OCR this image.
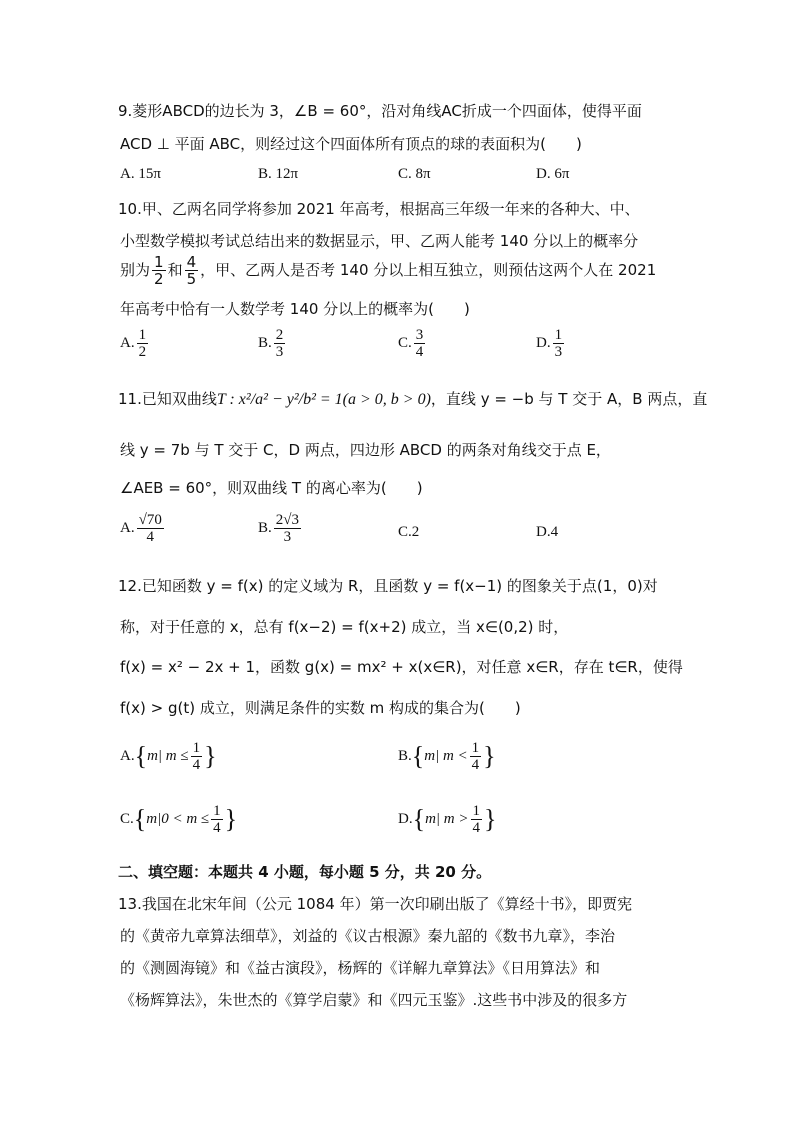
9.菱形ABCD的边长为 3，∠B = 60°，沿对角线AC折成一个四面体，使得平面
ACD ⊥ 平面 ABC，则经过这个四面体所有顶点的球的表面积为(　　)
A. 15π	B. 12π	C. 8π	D. 6π
10.甲、乙两名同学将参加 2021 年高考，根据高三年级一年来的各种大、中、
小型数学模拟考试总结出来的数据显示，甲、乙两人能考 140 分以上的概率分
别为 $\frac{1}{2}$ 和 $\frac{4}{5}$ ，甲、乙两人是否考 140 分以上相互独立，则预估这两个人在 2021
年高考中恰有一人数学考 140 分以上的概率为(　　)
A. $\frac{1}{2}$	B. $\frac{2}{3}$	C. $\frac{3}{4}$	D. $\frac{1}{3}$
11.已知双曲线T : x²/a² − y²/b² = 1(a > 0, b > 0)，直线 y = −b 与 T 交于 A，B 两点，直
线 y = 7b 与 T 交于 C，D 两点，四边形 ABCD 的两条对角线交于点 E，
∠AEB = 60°，则双曲线 T 的离心率为(　　)
A. $\frac{√70}{4}$	B. $\frac{2√3}{3}$	C.2	D.4
12.已知函数 y = f(x) 的定义域为 R，且函数 y = f(x−1) 的图象关于点(1，0)对
称，对于任意的 x，总有 f(x−2) = f(x+2) 成立，当 x∈(0,2) 时，
f(x) = x² − 2x + 1，函数 g(x) = mx² + x(x∈R)，对任意 x∈R，存在 t∈R，使得
f(x) > g(t) 成立，则满足条件的实数 m 构成的集合为(　　)
A.{m| $m \le \frac{1}{4}$ }	B.{m| $m < \frac{1}{4}$ }
$C.\{m|0 < m \le \frac{1}{4}$ }	D.{m| $m > \frac{1}{4}$ }
二、填空题：本题共 4 小题，每小题 5 分，共 20 分。
13.我国在北宋年间（公元 1084 年）第一次印刷出版了《算经十书》，即贾宪
的《黄帝九章算法细草》，刘益的《议古根源》秦九韶的《数书九章》，李治
的《测圆海镜》和《益古演段》，杨辉的《详解九章算法》《日用算法》和
《杨辉算法》，朱世杰的《算学启蒙》和《四元玉鉴》.这些书中涉及的很多方
